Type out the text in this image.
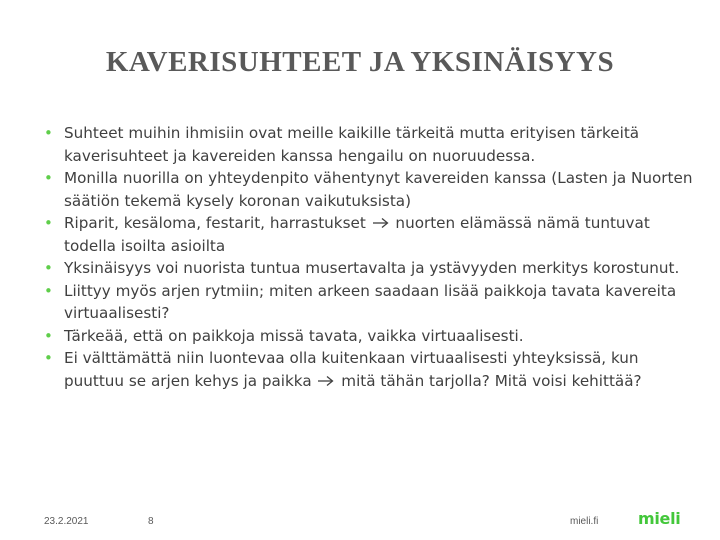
KAVERISUHTEET JA YKSINÄISYYS
• Suhteet muihin ihmisiin ovat meille kaikille tärkeitä mutta erityisen tärkeitä kaverisuhteet ja kavereiden kanssa hengailu on nuoruudessa.
• Monilla nuorilla on yhteydenpito vähentynyt kavereiden kanssa (Lasten ja Nuorten säätiön tekemä kysely koronan vaikutuksista)
• Riparit, kesäloma, festarit, harrastukset  nuorten elämässä nämä tuntuvat todella isoilta asioilta
• Yksinäisyys voi nuorista tuntua musertavalta ja ystävyyden merkitys korostunut.
• Liittyy myös arjen rytmiin; miten arkeen saadaan lisää paikkoja tavata kavereita virtuaalisesti?
• Tärkeää, että on paikkoja missä tavata, vaikka virtuaalisesti.
• Ei välttämättä niin luontevaa olla kuitenkaan virtuaalisesti yhteyksissä, kun puuttuu se arjen kehys ja paikka  mitä tähän tarjolla? Mitä voisi kehittää?
23.2.2021	8	mieli.fi mieli
